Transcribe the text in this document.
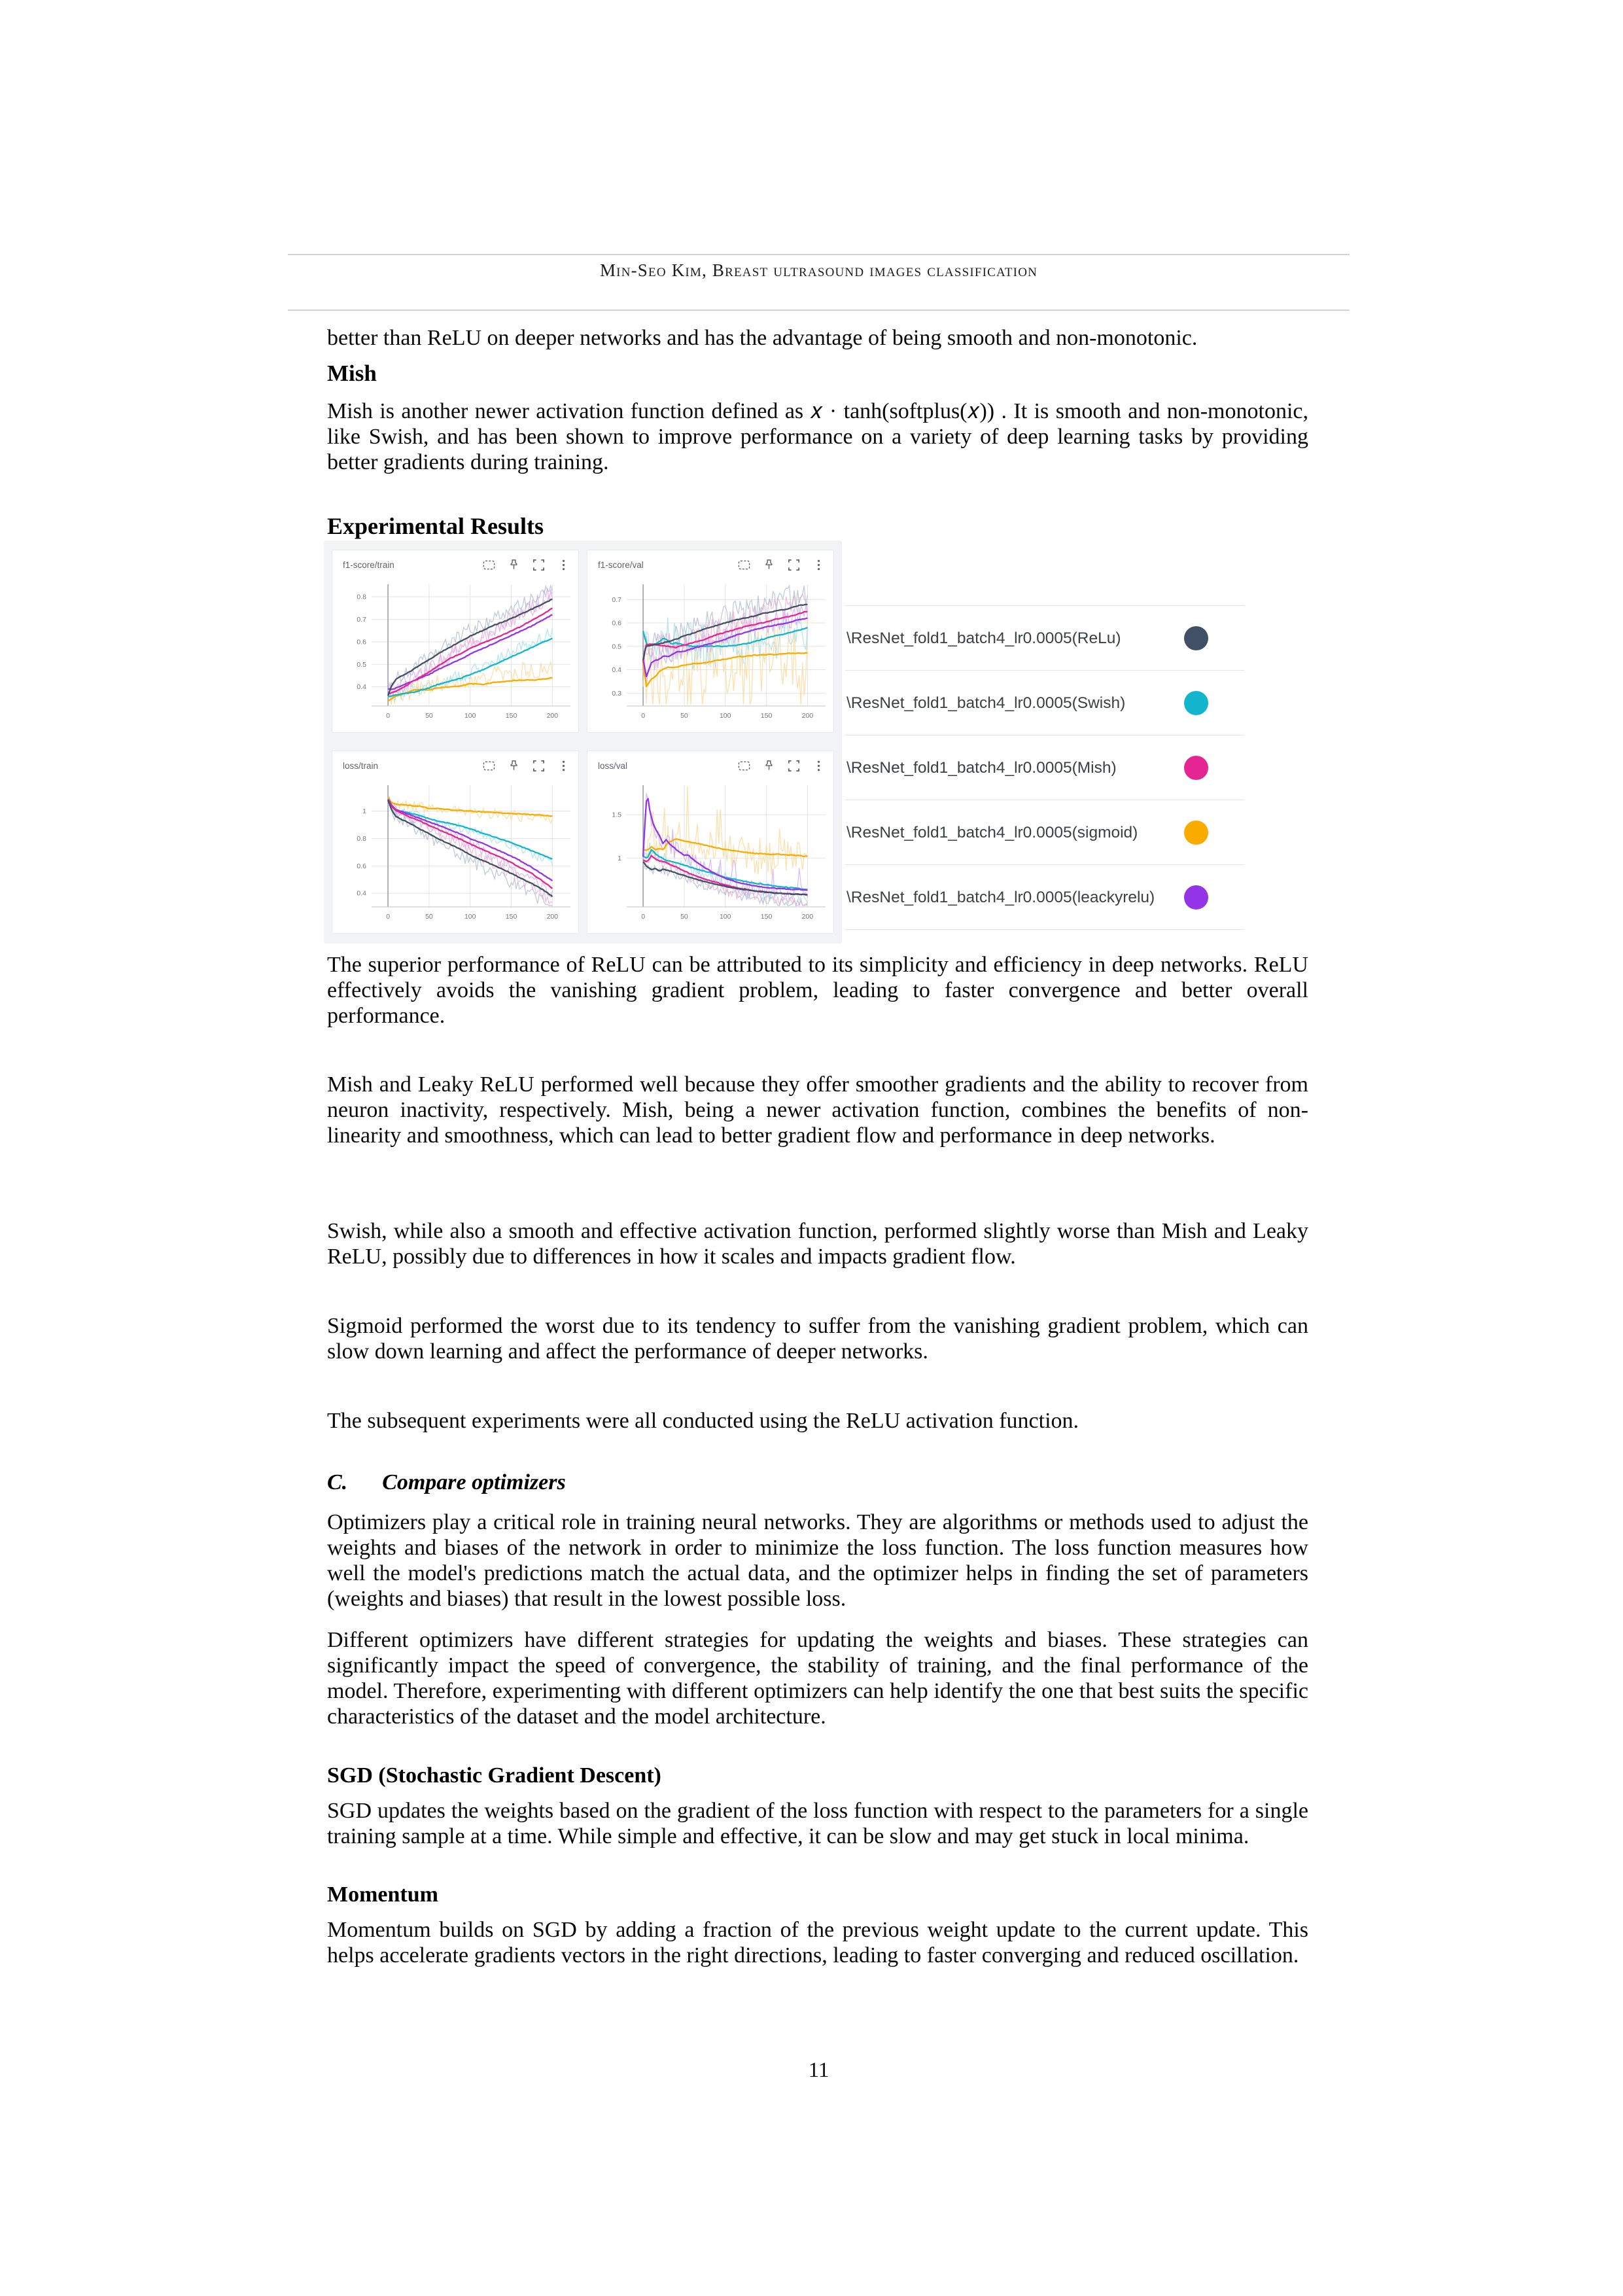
Min-Seo Kim, Breast ultrasound images classification
better than ReLU on deeper networks and has the advantage of being smooth and non-monotonic.
Mish
Mish is another newer activation function defined as 𝑥 · tanh(softplus(𝑥)) . It is smooth and non-monotonic, like Swish, and has been shown to improve performance on a variety of deep learning tasks by providing better gradients during training.
Experimental Results
f1-score/train
0.4
0.5
0.6
0.7
0.8
0	50	100	150	200
f1-score/val
0.3
0.4
0.5
0.6
0.7
0	50	100	150	200
loss/train
0.4
0.6
0.8
1
0	50	100	150	200
loss/val
1
1.5
0	50	100	150	200
\ResNet_fold1_batch4_lr0.0005(ReLu)
\ResNet_fold1_batch4_lr0.0005(Swish)
\ResNet_fold1_batch4_lr0.0005(Mish)
\ResNet_fold1_batch4_lr0.0005(sigmoid)
\ResNet_fold1_batch4_lr0.0005(leackyrelu)
The superior performance of ReLU can be attributed to its simplicity and efficiency in deep networks. ReLU effectively avoids the vanishing gradient problem, leading to faster convergence and better overall performance.
Mish and Leaky ReLU performed well because they offer smoother gradients and the ability to recover from neuron inactivity, respectively. Mish, being a newer activation function, combines the benefits of non-linearity and smoothness, which can lead to better gradient flow and performance in deep networks.
Swish, while also a smooth and effective activation function, performed slightly worse than Mish and Leaky ReLU, possibly due to differences in how it scales and impacts gradient flow.
Sigmoid performed the worst due to its tendency to suffer from the vanishing gradient problem, which can slow down learning and affect the performance of deeper networks.
The subsequent experiments were all conducted using the ReLU activation function.
C. Compare optimizers
Optimizers play a critical role in training neural networks. They are algorithms or methods used to adjust the weights and biases of the network in order to minimize the loss function. The loss function measures how well the model's predictions match the actual data, and the optimizer helps in finding the set of parameters (weights and biases) that result in the lowest possible loss.
Different optimizers have different strategies for updating the weights and biases. These strategies can significantly impact the speed of convergence, the stability of training, and the final performance of the model. Therefore, experimenting with different optimizers can help identify the one that best suits the specific characteristics of the dataset and the model architecture.
SGD (Stochastic Gradient Descent)
SGD updates the weights based on the gradient of the loss function with respect to the parameters for a single training sample at a time. While simple and effective, it can be slow and may get stuck in local minima.
Momentum
Momentum builds on SGD by adding a fraction of the previous weight update to the current update. This helps accelerate gradients vectors in the right directions, leading to faster converging and reduced oscillation.
11
